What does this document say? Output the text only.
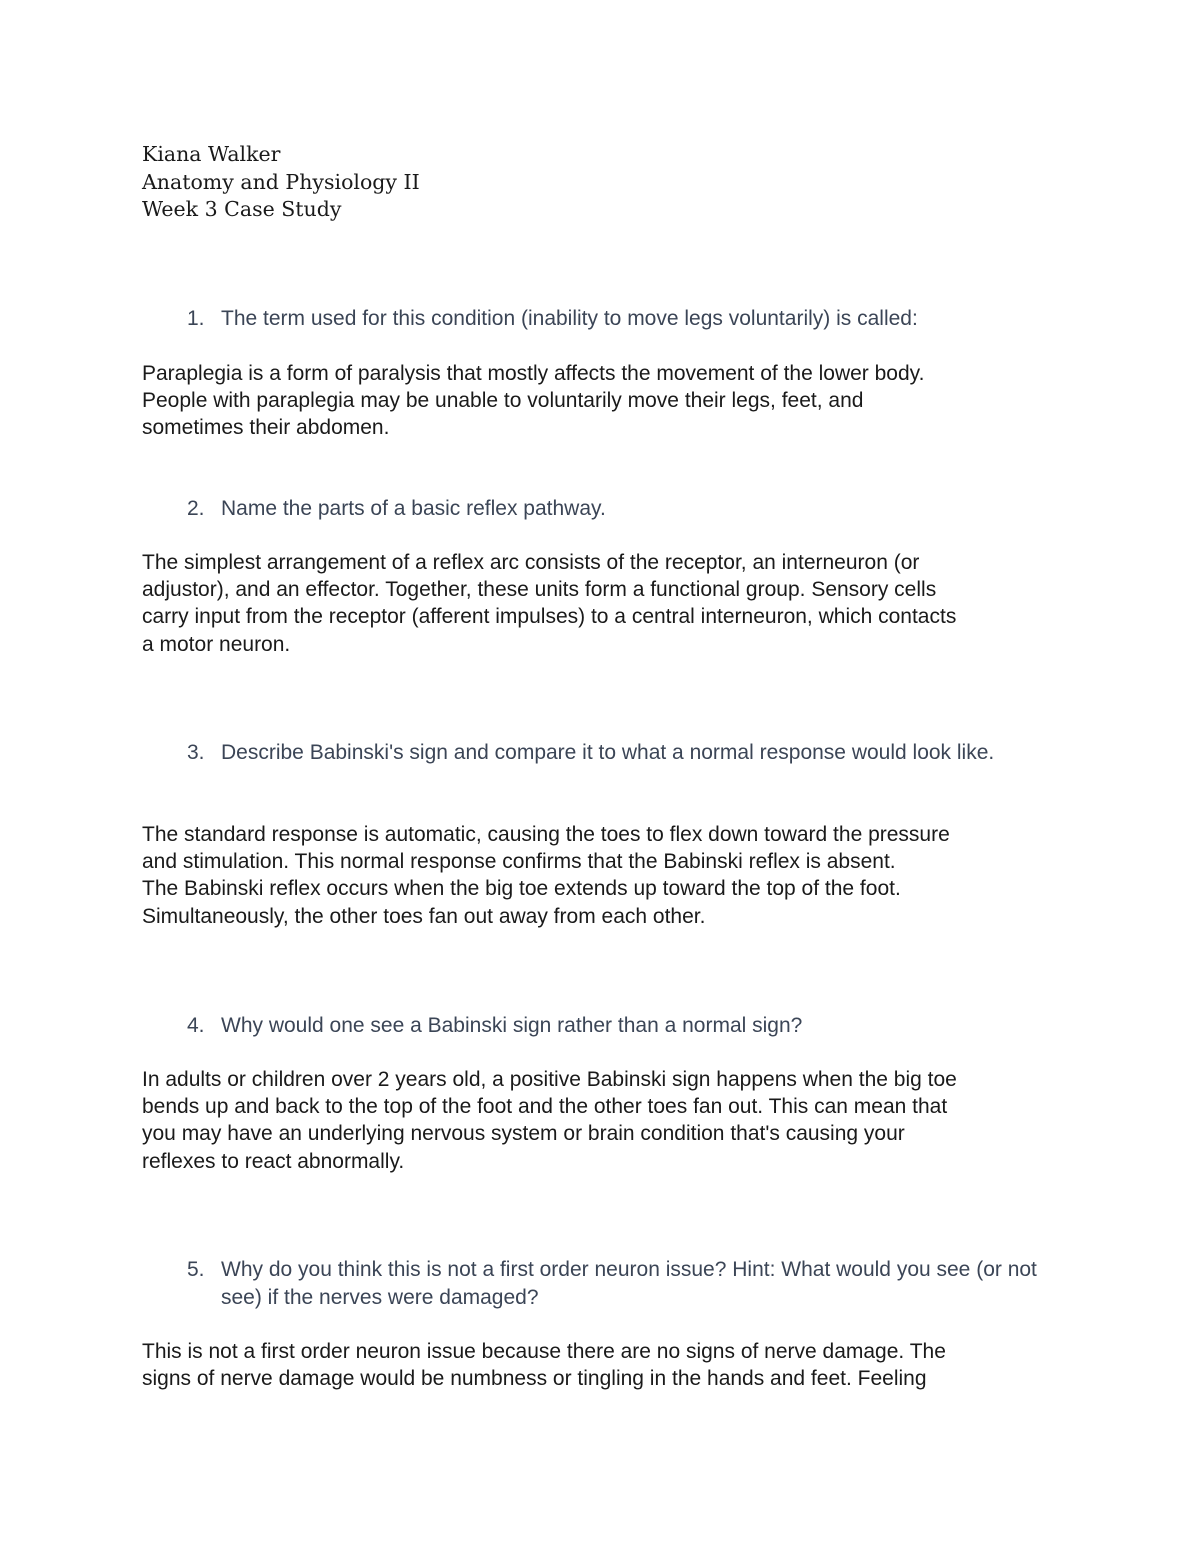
Kiana Walker
Anatomy and Physiology II
Week 3 Case Study
1. The term used for this condition (inability to move legs voluntarily) is called:
Paraplegia is a form of paralysis that mostly affects the movement of the lower body.
People with paraplegia may be unable to voluntarily move their legs, feet, and
sometimes their abdomen.
2. Name the parts of a basic reflex pathway.
The simplest arrangement of a reflex arc consists of the receptor, an interneuron (or
adjustor), and an effector. Together, these units form a functional group. Sensory cells
carry input from the receptor (afferent impulses) to a central interneuron, which contacts
a motor neuron.
3. Describe Babinski's sign and compare it to what a normal response would look like.
The standard response is automatic, causing the toes to flex down toward the pressure
and stimulation. This normal response confirms that the Babinski reflex is absent.
The Babinski reflex occurs when the big toe extends up toward the top of the foot.
Simultaneously, the other toes fan out away from each other.
4. Why would one see a Babinski sign rather than a normal sign?
In adults or children over 2 years old, a positive Babinski sign happens when the big toe
bends up and back to the top of the foot and the other toes fan out. This can mean that
you may have an underlying nervous system or brain condition that's causing your
reflexes to react abnormally.
5. Why do you think this is not a first order neuron issue? Hint: What would you see (or not see) if the nerves were damaged?
This is not a first order neuron issue because there are no signs of nerve damage. The
signs of nerve damage would be numbness or tingling in the hands and feet. Feeling
